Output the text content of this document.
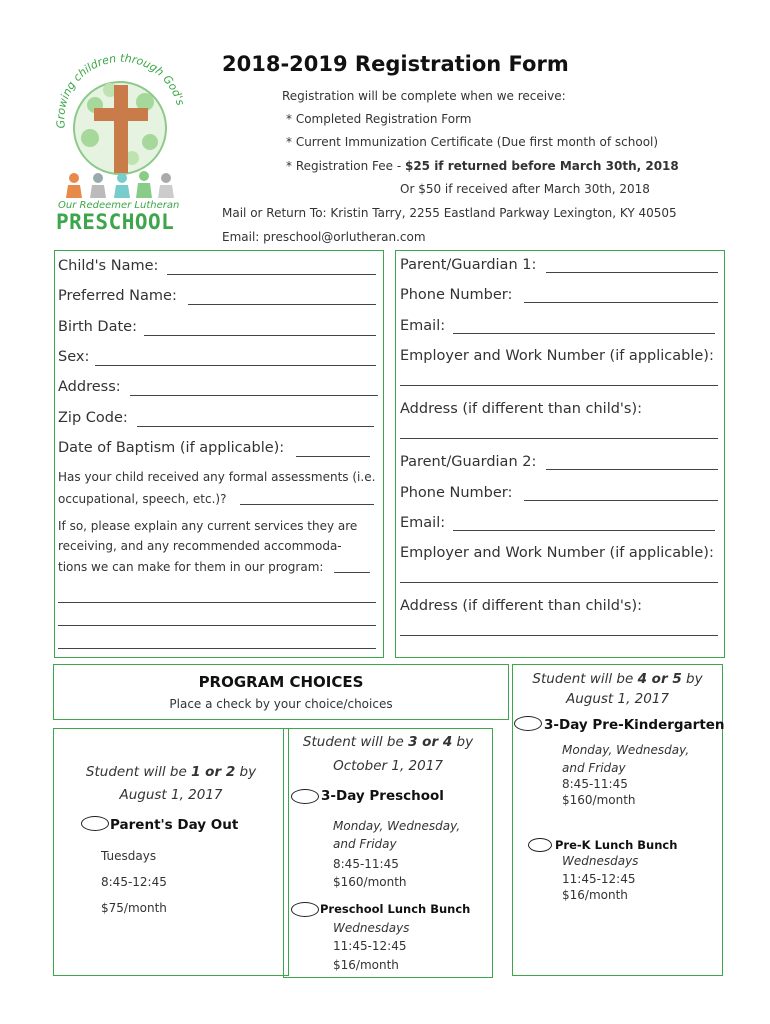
Growing children through God's
Our Redeemer Lutheran
PRESCHOOL
2018-2019 Registration Form
Registration will be complete when we receive:
* Completed Registration Form
* Current Immunization Certificate (Due first month of school)
* Registration Fee - $25 if returned before March 30th, 2018
Or $50 if received after March 30th, 2018
Mail or Return To: Kristin Tarry, 2255 Eastland Parkway Lexington, KY 40505
Email: preschool@orlutheran.com
Child's Name:
Preferred Name:
Birth Date:
Sex:
Address:
Zip Code:
Date of Baptism (if applicable):
Has your child received any formal assessments (i.e.
occupational, speech, etc.)?
If so, please explain any current services they are
receiving, and any recommended accommoda-
tions we can make for them in our program:
Parent/Guardian 1:
Phone Number:
Email:
Employer and Work Number (if applicable):
Address (if different than child's):
Parent/Guardian 2:
Phone Number:
Email:
Employer and Work Number (if applicable):
Address (if different than child's):
PROGRAM CHOICES
Place a check by your choice/choices
Student will be 1 or 2 by
August 1, 2017
Parent's Day Out
Tuesdays
8:45-12:45
$75/month
Student will be 3 or 4 by
October 1, 2017
3-Day Preschool
Monday, Wednesday,
and Friday
8:45-11:45
$160/month
Preschool Lunch Bunch
Wednesdays
11:45-12:45
$16/month
Student will be 4 or 5 by
August 1, 2017
3-Day Pre-Kindergarten
Monday, Wednesday,
and Friday
8:45-11:45
$160/month
Pre-K Lunch Bunch
Wednesdays
11:45-12:45
$16/month
